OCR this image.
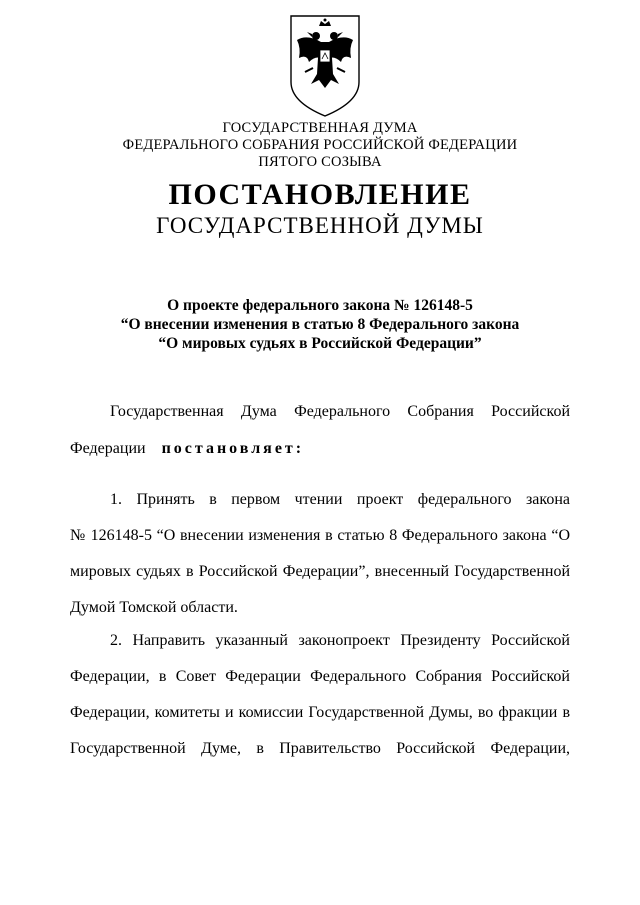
ГОСУДАРСТВЕННАЯ ДУМА
ФЕДЕРАЛЬНОГО СОБРАНИЯ РОССИЙСКОЙ ФЕДЕРАЦИИ
ПЯТОГО СОЗЫВА
ПОСТАНОВЛЕНИЕ
ГОСУДАРСТВЕННОЙ ДУМЫ
О проекте федерального закона № 126148-5
“О внесении изменения в статью 8 Федерального закона
“О мировых судьях в Российской Федерации”
Государственная Дума Федерального Собрания Российской
Федерации постановляет:
1. Принять в первом чтении проект федерального закона
№ 126148-5 “О внесении изменения в статью 8 Федерального закона “О
мировых судьях в Российской Федерации”, внесенный Государственной
Думой Томской области.
2. Направить указанный законопроект Президенту Российской
Федерации, в Совет Федерации Федерального Собрания Российской
Федерации, комитеты и комиссии Государственной Думы, во фракции в
Государственной Думе, в Правительство Российской Федерации,
